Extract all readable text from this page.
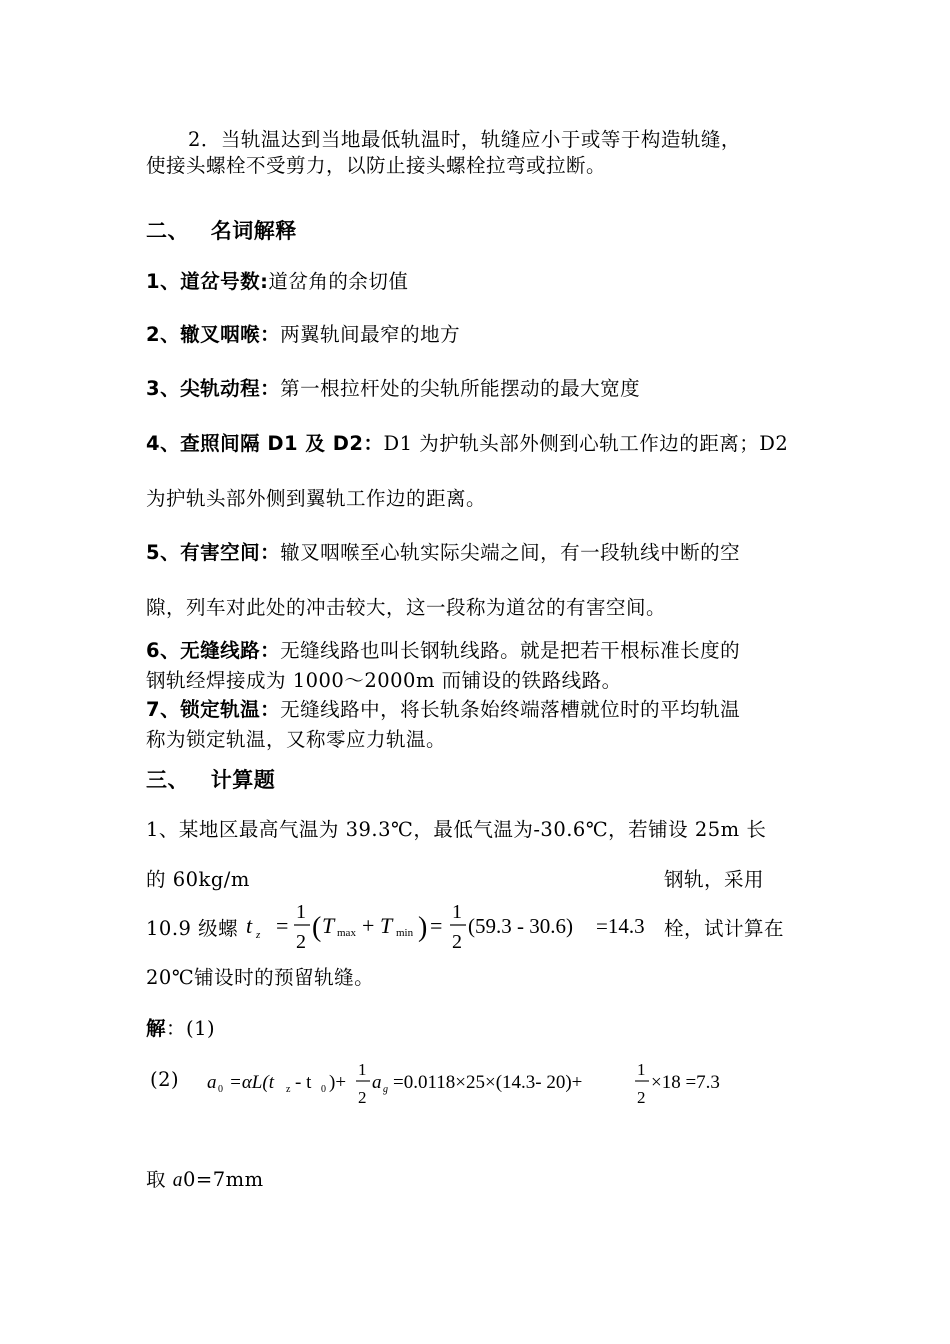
2．当轨温达到当地最低轨温时，轨缝应小于或等于构造轨缝，
使接头螺栓不受剪力，以防止接头螺栓拉弯或拉断。
二、 名词解释
1、道岔号数:道岔角的余切值
2、辙叉咽喉：两翼轨间最窄的地方
3、尖轨动程：第一根拉杆处的尖轨所能摆动的最大宽度
4、查照间隔 D1 及 D2：D1 为护轨头部外侧到心轨工作边的距离；D2
为护轨头部外侧到翼轨工作边的距离。
5、有害空间：辙叉咽喉至心轨实际尖端之间，有一段轨线中断的空
隙，列车对此处的冲击较大，这一段称为道岔的有害空间。
6、无缝线路：无缝线路也叫长钢轨线路。就是把若干根标准长度的
钢轨经焊接成为 1000～2000m 而铺设的铁路线路。
7、锁定轨温：无缝线路中，将长轨条始终端落槽就位时的平均轨温
称为锁定轨温，又称零应力轨温。
三、 计算题
1、某地区最高气温为 39.3℃，最低气温为-30.6℃，若铺设 25m 长
的 60kg/m	钢轨，采用
10.9 级螺	栓，试计算在
20℃铺设时的预留轨缝。
t z =
1
2 ( T max + T min ) =
1
2
(59.3 - 30.6) =14.3
解：(1)
(2) a 0 =αL(t z - t 0 )+
1
2
a g =0.0118×25×(14.3- 20)+
1
2
×18 =7.3
取 a0=7mm
